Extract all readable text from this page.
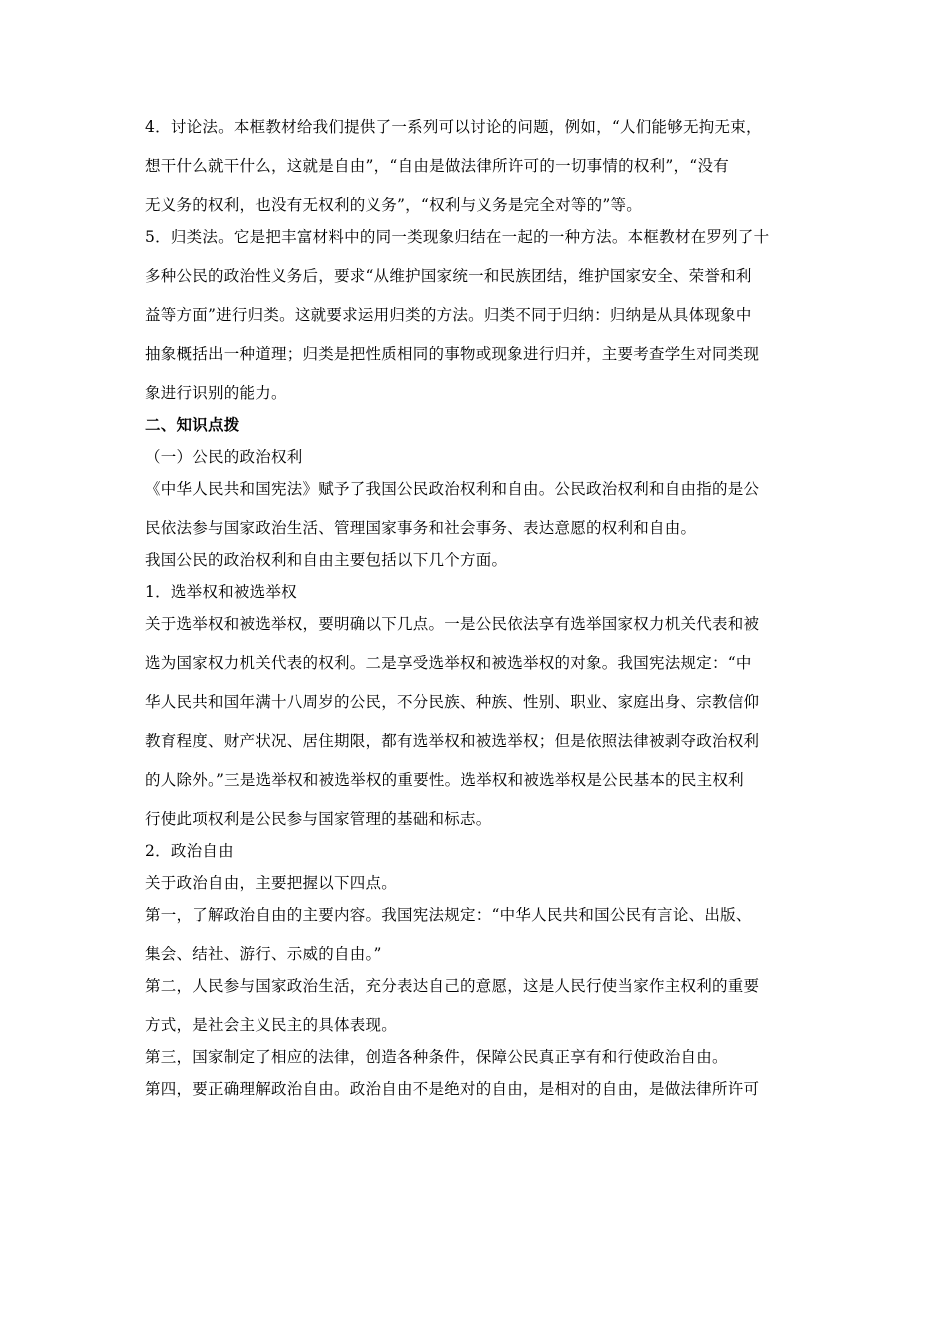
4．讨论法。本框教材给我们提供了一系列可以讨论的问题，例如，“人们能够无拘无束，
想干什么就干什么，这就是自由”，“自由是做法律所许可的一切事情的权利”，“没有
无义务的权利，也没有无权利的义务”，“权利与义务是完全对等的”等。
5．归类法。它是把丰富材料中的同一类现象归结在一起的一种方法。本框教材在罗列了十
多种公民的政治性义务后，要求“从维护国家统一和民族团结，维护国家安全、荣誉和利
益等方面”进行归类。这就要求运用归类的方法。归类不同于归纳：归纳是从具体现象中
抽象概括出一种道理；归类是把性质相同的事物或现象进行归并，主要考查学生对同类现
象进行识别的能力。
二、知识点拨
（一）公民的政治权利
《中华人民共和国宪法》赋予了我国公民政治权利和自由。公民政治权利和自由指的是公
民依法参与国家政治生活、管理国家事务和社会事务、表达意愿的权利和自由。
我国公民的政治权利和自由主要包括以下几个方面。
1．选举权和被选举权
关于选举权和被选举权，要明确以下几点。一是公民依法享有选举国家权力机关代表和被
选为国家权力机关代表的权利。二是享受选举权和被选举权的对象。我国宪法规定：“中
华人民共和国年满十八周岁的公民，不分民族、种族、性别、职业、家庭出身、宗教信仰
教育程度、财产状况、居住期限，都有选举权和被选举权；但是依照法律被剥夺政治权利
的人除外。”三是选举权和被选举权的重要性。选举权和被选举权是公民基本的民主权利
行使此项权利是公民参与国家管理的基础和标志。
2．政治自由
关于政治自由，主要把握以下四点。
第一，了解政治自由的主要内容。我国宪法规定：“中华人民共和国公民有言论、出版、
集会、结社、游行、示威的自由。”
第二，人民参与国家政治生活，充分表达自己的意愿，这是人民行使当家作主权利的重要
方式，是社会主义民主的具体表现。
第三，国家制定了相应的法律，创造各种条件，保障公民真正享有和行使政治自由。
第四，要正确理解政治自由。政治自由不是绝对的自由，是相对的自由，是做法律所许可
